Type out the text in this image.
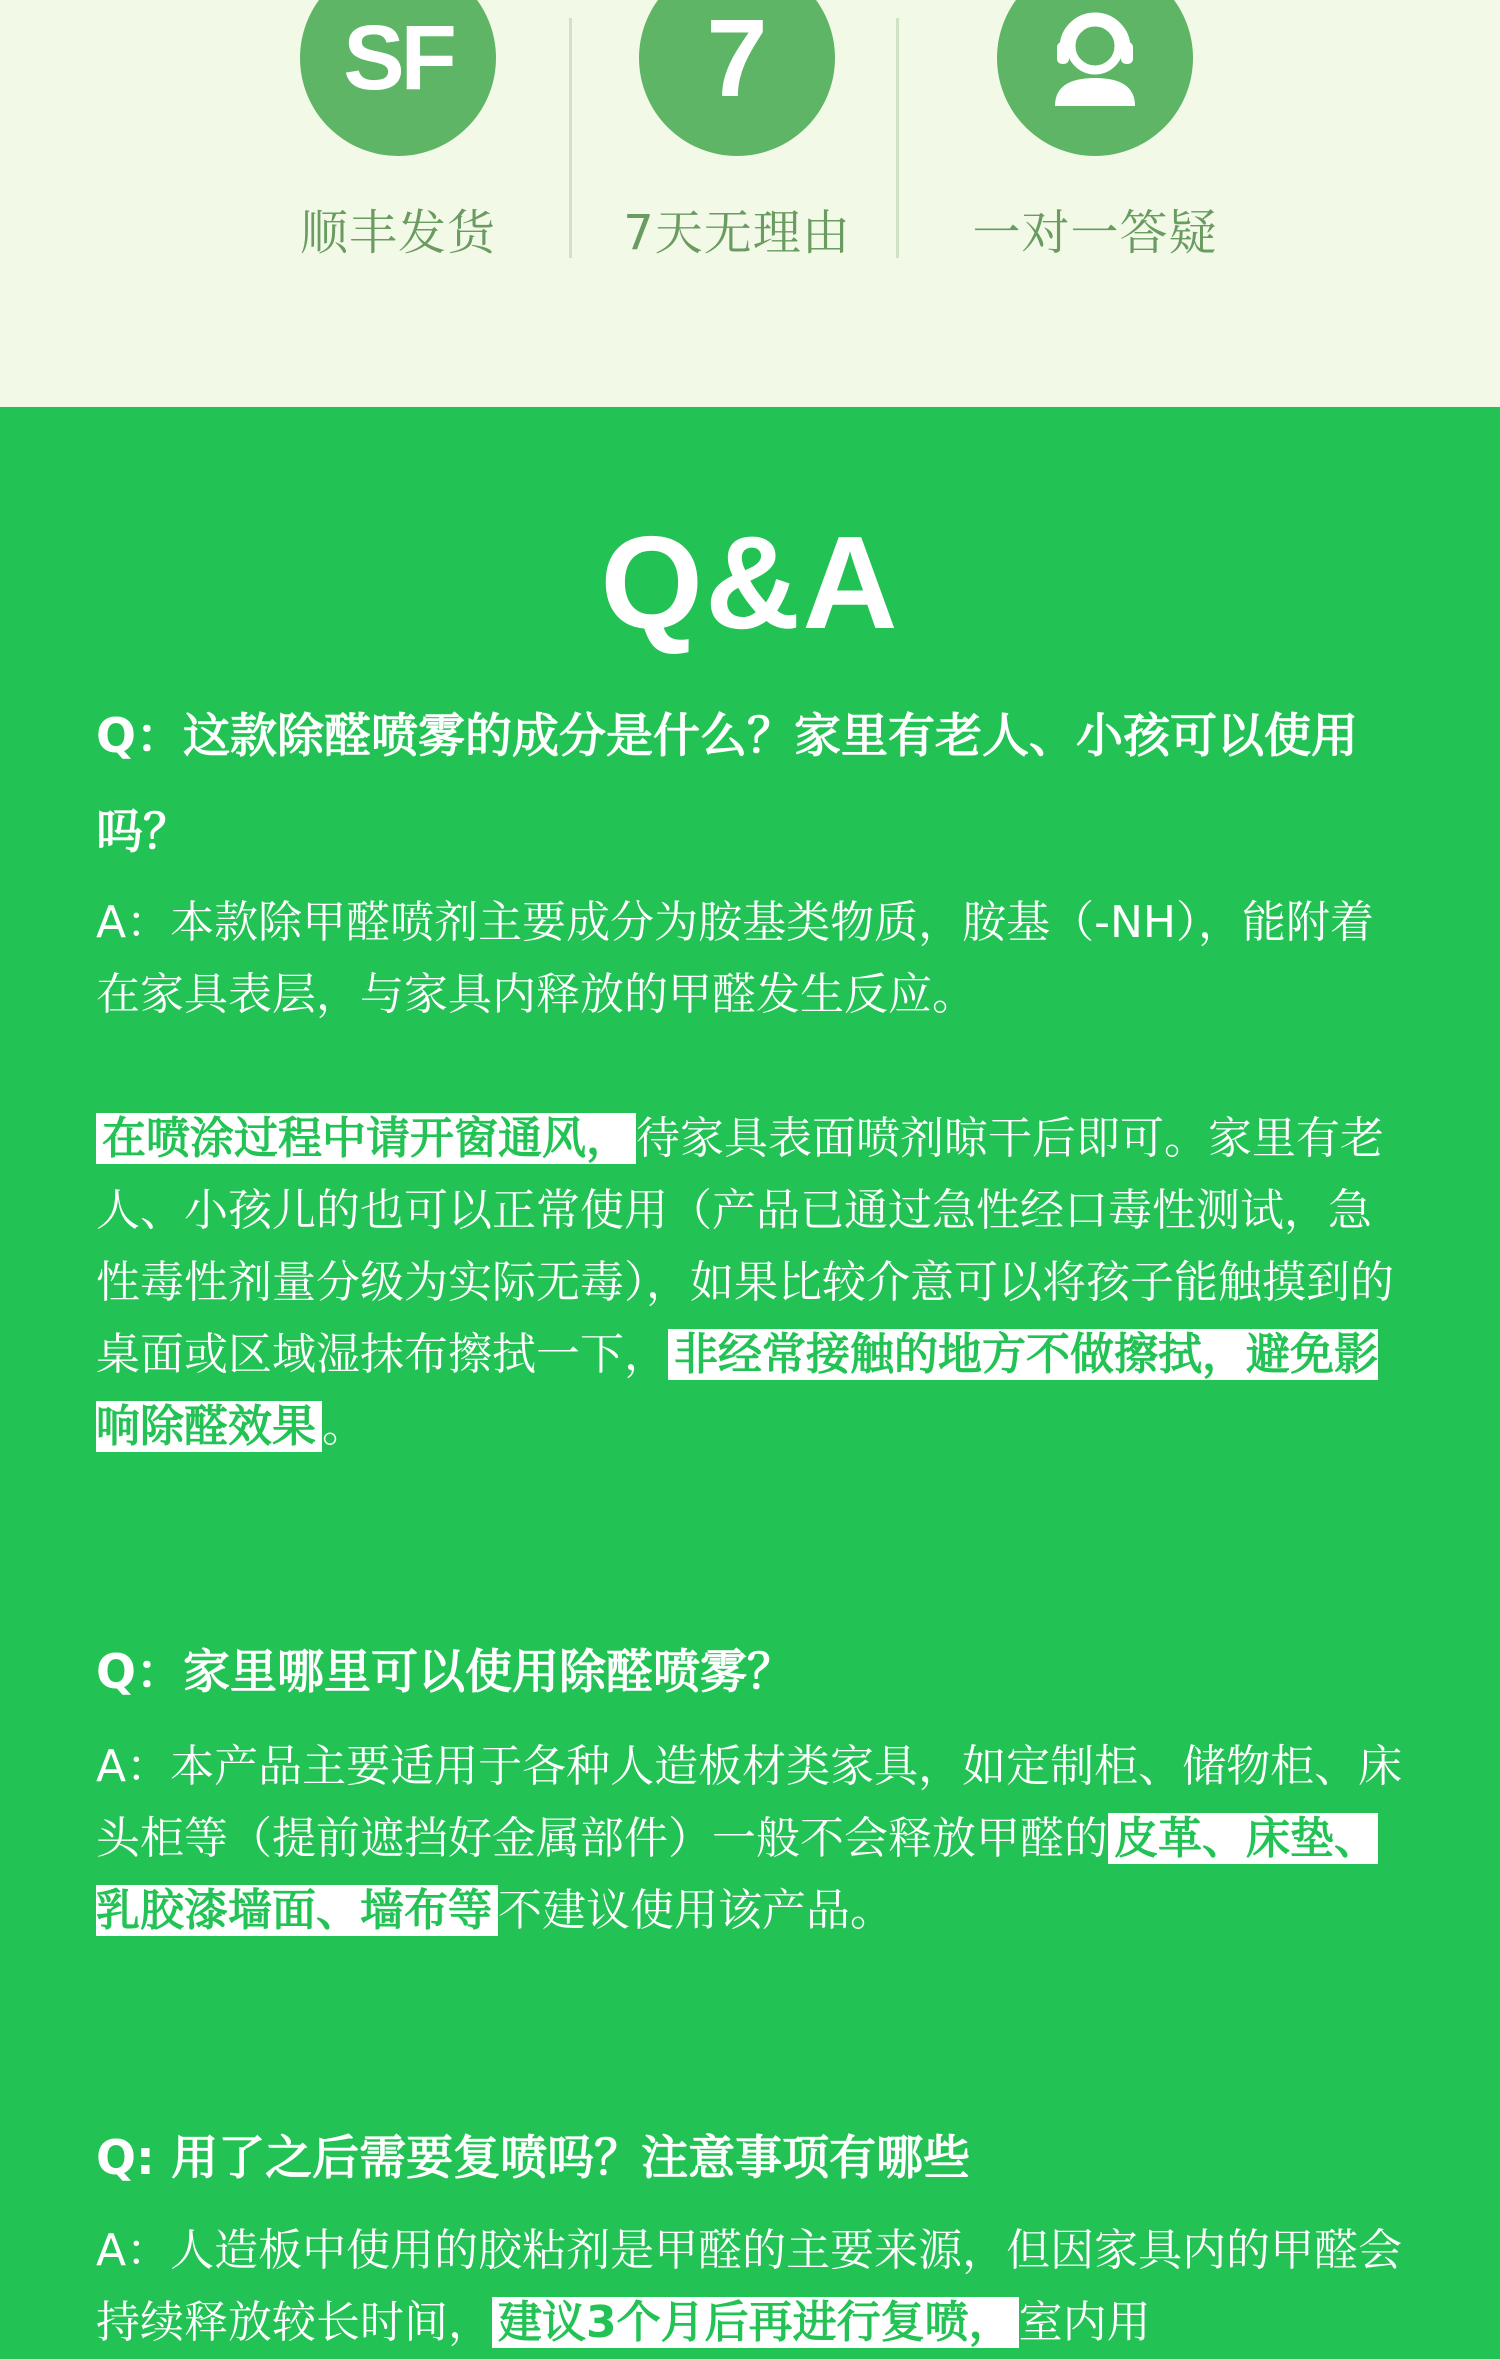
SF
顺丰发货
7
7天无理由	一对一答疑
Q&A
Q：这款除醛喷雾的成分是什么？家里有老人、小孩可以使用吗？
A：本款除甲醛喷剂主要成分为胺基类物质，胺基（-NH），能附着在家具表层，与家具内释放的甲醛发生反应。
在喷涂过程中请开窗通风， 待家具表面喷剂晾干后即可。家里有老人、小孩儿的也可以正常使用（产品已通过急性经口毒性测试，急性毒性剂量分级为实际无毒），如果比较介意可以将孩子能触摸到的桌面或区域湿抹布擦拭一下， 非经常接触的地方不做擦拭，避免影响除醛效果 。
Q：家里哪里可以使用除醛喷雾？
A：本产品主要适用于各种人造板材类家具，如定制柜、储物柜、床头柜等（提前遮挡好金属部件）一般不会释放甲醛的 皮革、床垫、乳胶漆墙面、墙布等 不建议使用该产品。
Q: 用了之后需要复喷吗？注意事项有哪些
A：人造板中使用的胶粘剂是甲醛的主要来源，但因家具内的甲醛会持续释放较长时间， 建议3个月后再进行复喷， 室内用
